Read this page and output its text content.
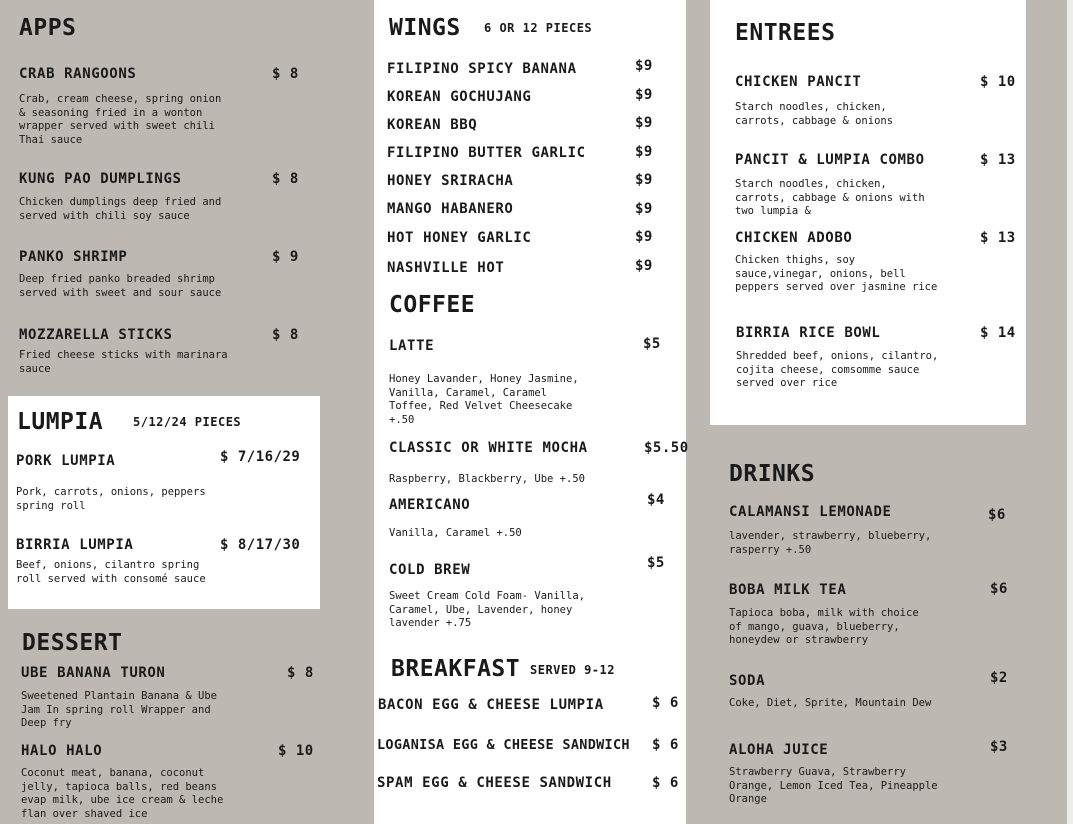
APPS
CRAB RANGOONS	$ 8
Crab, cream cheese, spring onion & seasoning fried in a wonton wrapper served with sweet chili Thai sauce
KUNG PAO DUMPLINGS	$ 8
Chicken dumplings deep fried and served with chili soy sauce
PANKO SHRIMP	$ 9
Deep fried panko breaded shrimp served with sweet and sour sauce
MOZZARELLA STICKS	$ 8
Fried cheese sticks with marinara sauce
LUMPIA 5/12/24 PIECES
PORK LUMPIA	$ 7/16/29
Pork, carrots, onions, peppers spring roll
BIRRIA LUMPIA	$ 8/17/30
Beef, onions, cilantro spring roll served with consomé sauce
DESSERT
UBE BANANA TURON	$ 8
Sweetened Plantain Banana & Ube Jam In spring roll Wrapper and Deep fry
HALO HALO	$ 10
Coconut meat, banana, coconut jelly, tapioca balls, red beans evap milk, ube ice cream & leche flan over shaved ice
WINGS 6 OR 12 PIECES
FILIPINO SPICY BANANA	$9
KOREAN GOCHUJANG	$9
KOREAN BBQ	$9
FILIPINO BUTTER GARLIC	$9
HONEY SRIRACHA	$9
MANGO HABANERO	$9
HOT HONEY GARLIC	$9
NASHVILLE HOT	$9
COFFEE
LATTE	$5
Honey Lavander, Honey Jasmine, Vanilla, Caramel, Caramel Toffee, Red Velvet Cheesecake +.50
CLASSIC OR WHITE MOCHA	$5.50
Raspberry, Blackberry, Ube +.50
AMERICANO	$4
Vanilla, Caramel +.50
COLD BREW	$5
Sweet Cream Cold Foam- Vanilla, Caramel, Ube, Lavender, honey lavender +.75
BREAKFAST SERVED 9-12
BACON EGG & CHEESE LUMPIA	$ 6
LOGANISA EGG & CHEESE SANDWICH $ 6
SPAM EGG & CHEESE SANDWICH	$ 6
ENTREES
CHICKEN PANCIT	$ 10
Starch noodles, chicken, carrots, cabbage & onions
PANCIT & LUMPIA COMBO	$ 13
Starch noodles, chicken, carrots, cabbage & onions with two lumpia &
CHICKEN ADOBO	$ 13
Chicken thighs, soy sauce,vinegar, onions, bell peppers served over jasmine rice
BIRRIA RICE BOWL	$ 14
Shredded beef, onions, cilantro, cojita cheese, comsomme sauce served over rice
DRINKS
CALAMANSI LEMONADE	$6
lavender, strawberry, blueberry, rasperry +.50
BOBA MILK TEA	$6
Tapioca boba, milk with choice of mango, guava, blueberry, honeydew or strawberry
SODA	$2
Coke, Diet, Sprite, Mountain Dew
ALOHA JUICE	$3
Strawberry Guava, Strawberry Orange, Lemon Iced Tea, Pineapple Orange
